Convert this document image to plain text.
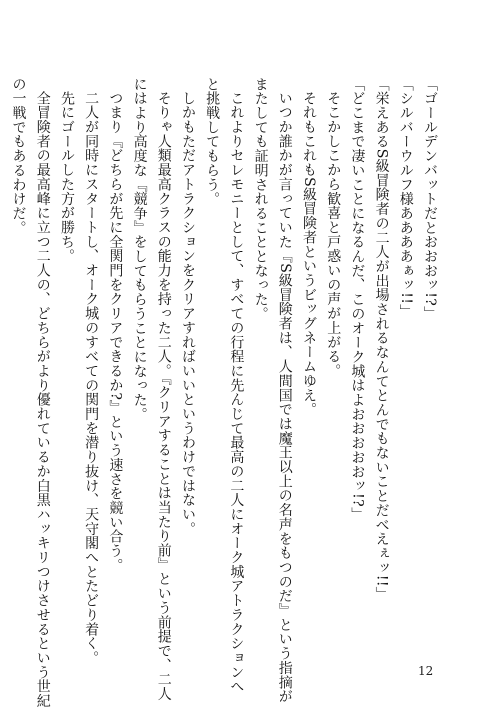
「ゴールデンバットだとおおおッ!?」
「シルバーウルフ様ああああぁッ!!」
「栄えあるS級冒険者の二人が出場されるなんてとんでもないことだべえぇッ!!」
「どこまで凄いことになるんだ、このオーク城はよおおおおおッ!?」
そこかしこから歓喜と戸惑いの声が上がる。
それもこれもS級冒険者というビッグネームゆえ。
いつか誰かが言っていた『S級冒険者は、人間国では魔王以上の名声をもつのだ』という指摘が
またしても証明されることとなった。
これよりセレモニーとして、すべての行程に先んじて最高の二人にオーク城アトラクションへ
と挑戦してもらう。
しかもただアトラクションをクリアすればいいというわけではない。
そりゃ人類最高クラスの能力を持った二人。『クリアすることは当たり前』という前提で、二人
にはより高度な『競争』をしてもらうことになった。
つまり『どちらが先に全関門をクリアできるか?』という速さを競い合う。
二人が同時にスタートし、オーク城のすべての関門を潜り抜け、天守閣へとたどり着く。
先にゴールした方が勝ち。
全冒険者の最高峰に立つ二人の、どちらがより優れているか白黒ハッキリつけさせるという世紀
の一戦でもあるわけだ。
12
